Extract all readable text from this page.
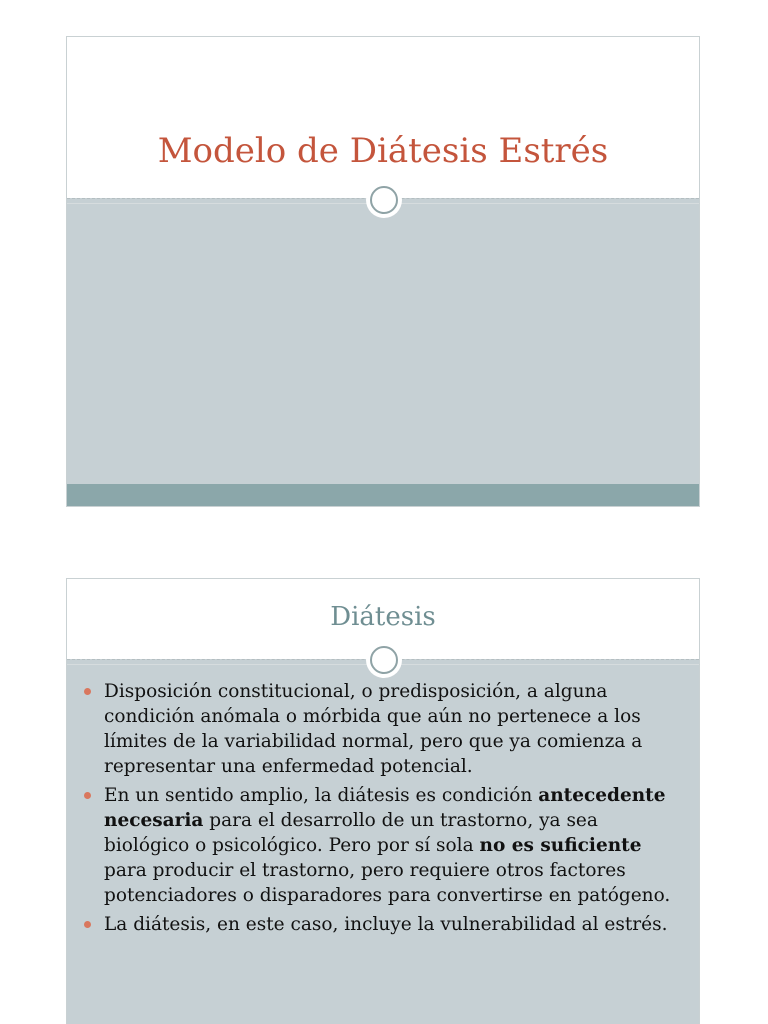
Modelo de Diátesis Estrés
Diátesis
Disposición constitucional, o predisposición, a alguna condición anómala o mórbida que aún no pertenece a los límites de la variabilidad normal, pero que ya comienza a representar una enfermedad potencial.
En un sentido amplio, la diátesis es condición antecedente necesaria para el desarrollo de un trastorno, ya sea biológico o psicológico. Pero por sí sola no es suficiente para producir el trastorno, pero requiere otros factores potenciadores o disparadores para convertirse en patógeno.
La diátesis, en este caso, incluye la vulnerabilidad al estrés.
